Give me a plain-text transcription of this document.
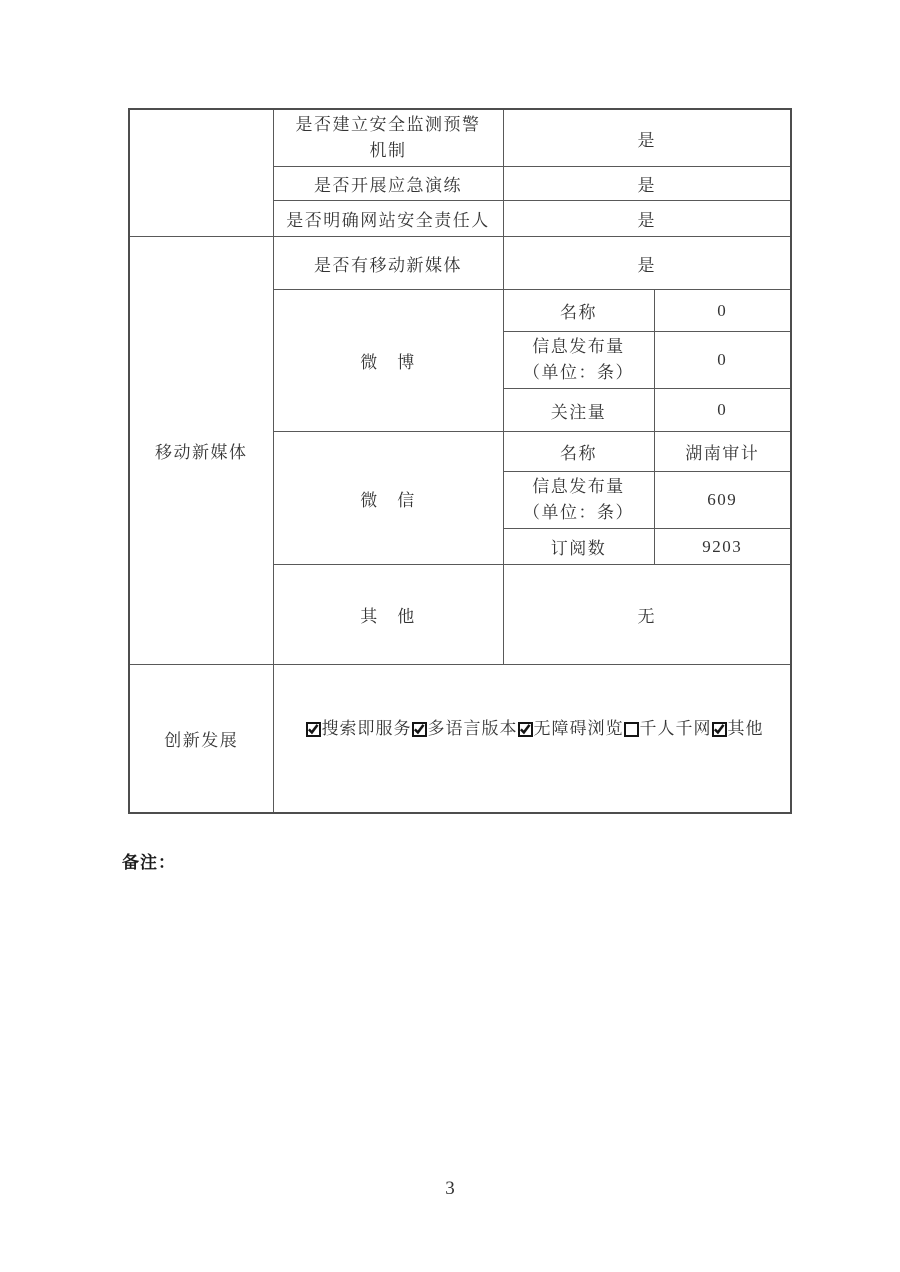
	是否建立安全监测预警
机制	是	
	是否开展应急演练	是	
	是否明确网站安全责任人	是	
移动新媒体	是否有移动新媒体	是	
	微　博	名称	0

		信息发布量
（单位：条）	0
		关注量	0
	微　信	名称	湖南审计

		信息发布量
（单位：条）	609
		订阅数	9203
	其　他	无	
创新发展	搜索即服务 多语言版本 无障碍浏览 千人千网 其他		
备注：
3
